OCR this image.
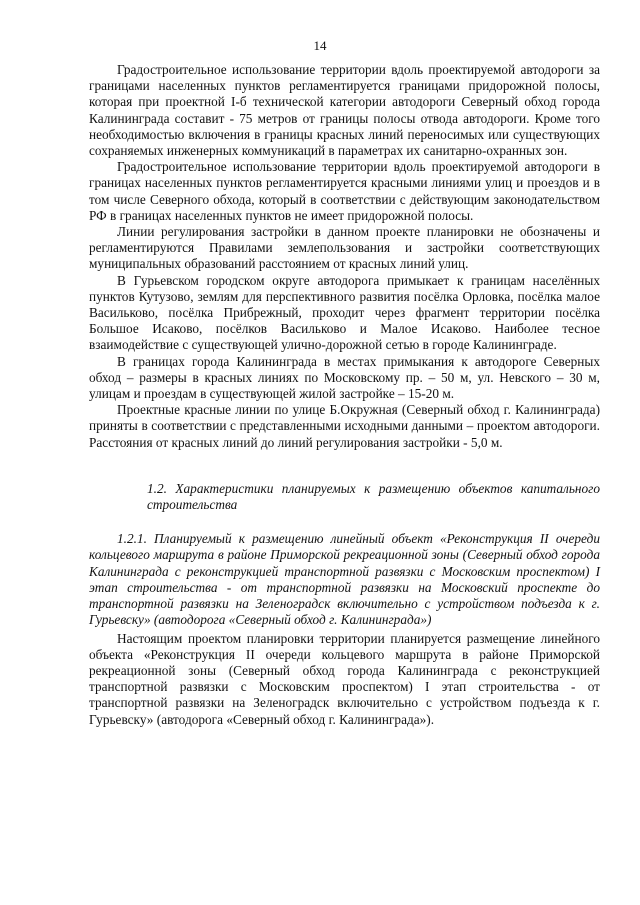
14

Градостроительное использование территории вдоль проектируемой автодороги за границами населенных пунктов регламентируется границами придорожной полосы, которая при проектной I-б технической категории автодороги Северный обход города Калининграда составит - 75 метров от границы полосы отвода автодороги. Кроме того необходимостью включения в границы красных линий переносимых или существующих сохраняемых инженерных коммуникаций в параметрах их санитарно-охранных зон.

Градостроительное использование территории вдоль проектируемой автодороги в границах населенных пунктов регламентируется красными линиями улиц и проездов и в том числе Северного обхода, который в соответствии с действующим законодательством РФ в границах населенных пунктов не имеет придорожной полосы.

Линии регулирования застройки в данном проекте планировки не обозначены и регламентируются Правилами землепользования и застройки соответствующих муниципальных образований расстоянием от красных линий улиц.

В Гурьевском городском округе автодорога примыкает к границам населённых пунктов Кутузово, землям для перспективного развития посёлка Орловка, посёлка малое Васильково, посёлка Прибрежный, проходит через фрагмент территории посёлка Большое Исаково, посёлков Васильково и Малое Исаково. Наиболее тесное взаимодействие с существующей улично-дорожной сетью в городе Калининграде.

В границах города Калининграда в местах примыкания к автодороге Северных обход – размеры в красных линиях по Московскому пр. – 50 м, ул. Невского – 30 м, улицам и проездам в существующей жилой застройке – 15-20 м.

Проектные красные линии по улице Б.Окружная (Северный обход г. Калининграда) приняты в соответствии с представленными исходными данными – проектом автодороги. Расстояния от красных линий до линий регулирования застройки - 5,0 м.

1.2. Характеристики планируемых к размещению объектов капитального строительства

1.2.1. Планируемый к размещению линейный объект «Реконструкция II очереди кольцевого маршрута в районе Приморской рекреационной зоны (Северный обход города Калининграда с реконструкцией транспортной развязки с Московским проспектом) I этап строительства - от транспортной развязки на Московский проспекте до транспортной развязки на Зеленоградск включительно с устройством подъезда к г. Гурьевску» (автодорога «Северный обход г. Калининграда»)

Настоящим проектом планировки территории планируется размещение линейного объекта «Реконструкция II очереди кольцевого маршрута в районе Приморской рекреационной зоны (Северный обход города Калининграда с реконструкцией транспортной развязки с Московским проспектом) I этап строительства - от транспортной развязки на Зеленоградск включительно с устройством подъезда к г. Гурьевску» (автодорога «Северный обход г. Калининграда»).
